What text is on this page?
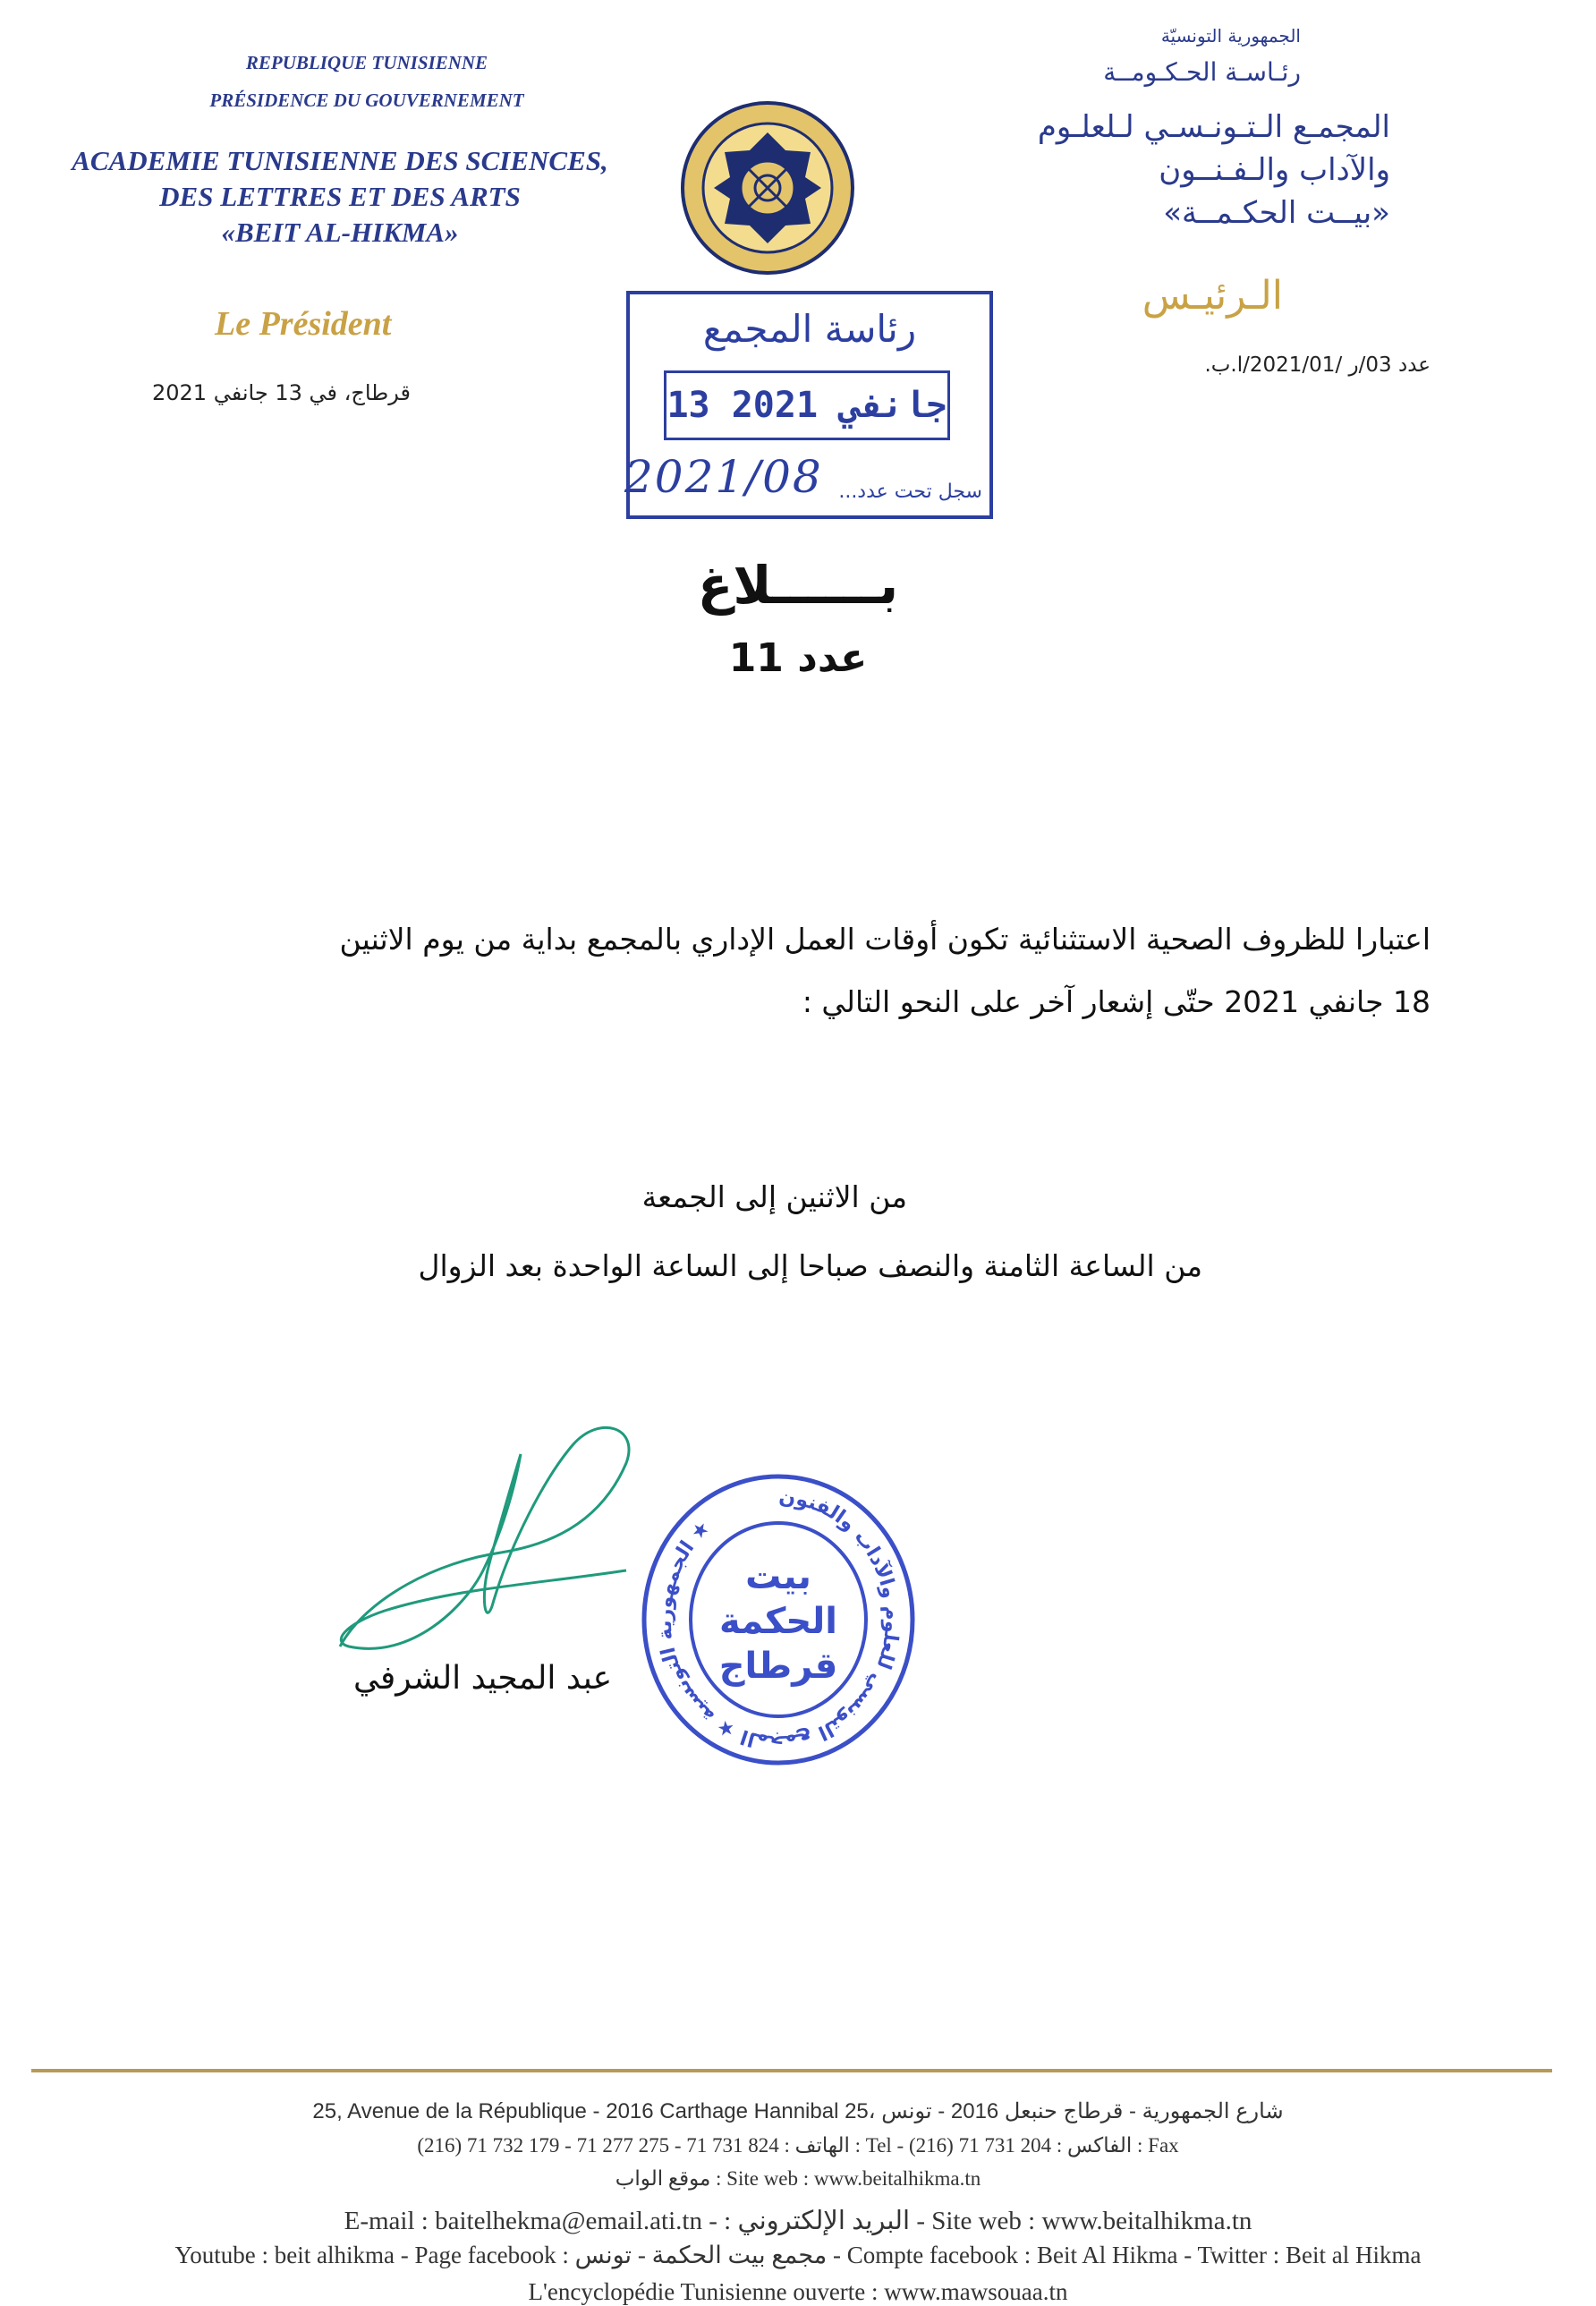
REPUBLIQUE TUNISIENNE
PRÉSIDENCE DU GOUVERNEMENT
ACADEMIE TUNISIENNE DES SCIENCES,
DES LETTRES ET DES ARTS
«BEIT AL-HIKMA»
Le Président
قرطاج، في 13 جانفي 2021
الجمهورية التونسيّة
رئـاسـة الحـكـومــة
المجمـع الـتـونـسـي لـلعلـوم
والآداب والـفـنــون
«بيــت الحكـمــة»
الـرئيـس
عدد 03/ر /2021/01/ا.ب.
رئاسة المجمع
13 جانفي 2021
2021/08 سجل تحت عدد...
بــــــلاغ
عدد 11
اعتبارا للظروف الصحية الاستثنائية تكون أوقات العمل الإداري بالمجمع بداية من يوم الاثنين
18 جانفي 2021 حتّى إشعار آخر على النحو التالي :
من الاثنين إلى الجمعة
من الساعة الثامنة والنصف صباحا إلى الساعة الواحدة بعد الزوال
عبد المجيد الشرفي
الجمهورية التونسية ★ المجمع التونسي للعلوم والآداب والفنون ★
بيت
الحكمة
قرطاج
25, Avenue de la République - 2016 Carthage Hannibal 25، شارع الجمهورية - قرطاج حنبعل 2016 - تونس
الهاتف : 824 731 71 - 275 277 71 - 179 732 71 (216) : Tel - الفاكس : 204 731 71 (216) : Fax
موقع الواب : Site web : www.beitalhikma.tn
E-mail : baitelhekma@email.ati.tn - : البريد الإلكتروني - Site web : www.beitalhikma.tn
Youtube : beit alhikma - Page facebook : مجمع بيت الحكمة - تونس - Compte facebook : Beit Al Hikma - Twitter : Beit al Hikma
L'encyclopédie Tunisienne ouverte : www.mawsouaa.tn
